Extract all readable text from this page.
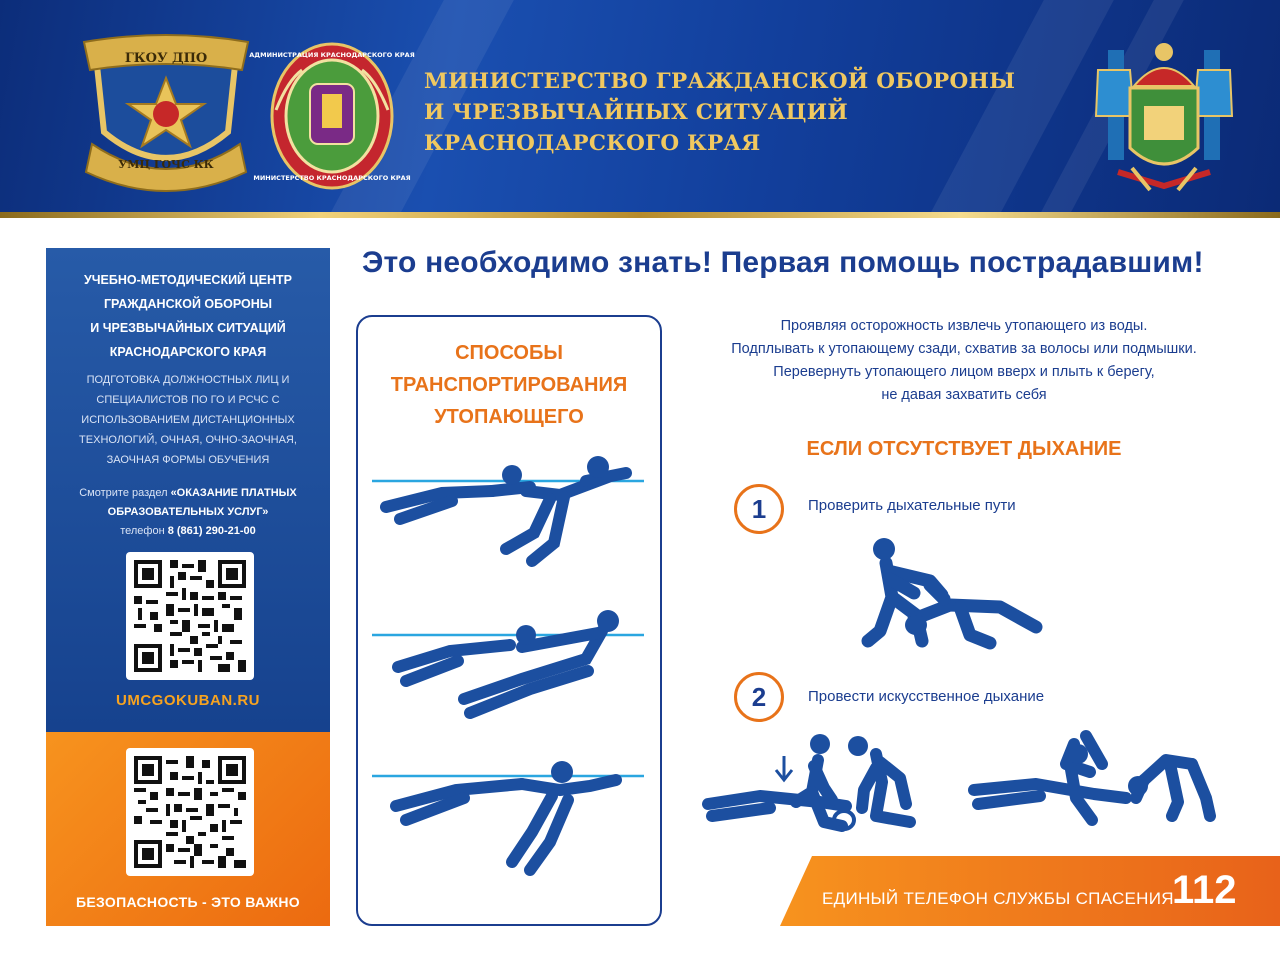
ГКОУ ДПО
УМЦ ГОЧС КК
АДМИНИСТРАЦИЯ КРАСНОДАРСКОГО КРАЯ
МИНИСТЕРСТВО КРАСНОДАРСКОГО КРАЯ
МИНИСТЕРСТВО ГРАЖДАНСКОЙ ОБОРОНЫ
И ЧРЕЗВЫЧАЙНЫХ СИТУАЦИЙ
КРАСНОДАРСКОГО КРАЯ
УЧЕБНО-МЕТОДИЧЕСКИЙ ЦЕНТР
ГРАЖДАНСКОЙ ОБОРОНЫ
И ЧРЕЗВЫЧАЙНЫХ СИТУАЦИЙ
КРАСНОДАРСКОГО КРАЯ
ПОДГОТОВКА ДОЛЖНОСТНЫХ ЛИЦ И
СПЕЦИАЛИСТОВ ПО ГО И РСЧС С
ИСПОЛЬЗОВАНИЕМ ДИСТАНЦИОННЫХ
ТЕХНОЛОГИЙ, ОЧНАЯ, ОЧНО-ЗАОЧНАЯ,
ЗАОЧНАЯ ФОРМЫ ОБУЧЕНИЯ
Смотрите раздел «ОКАЗАНИЕ ПЛАТНЫХ
ОБРАЗОВАТЕЛЬНЫХ УСЛУГ»
телефон 8 (861) 290-21-00
UMCGOKUBAN.RU
БЕЗОПАСНОСТЬ - ЭТО ВАЖНО
Это необходимо знать! Первая помощь пострадавшим!
СПОСОБЫ
ТРАНСПОРТИРОВАНИЯ
УТОПАЮЩЕГО
Проявляя осторожность извлечь утопающего из воды.
Подплывать к утопающему сзади, схватив за волосы или подмышки.
Перевернуть утопающего лицом вверх и плыть к берегу,
не давая захватить себя
ЕСЛИ ОТСУТСТВУЕТ ДЫХАНИЕ
1	Проверить дыхательные пути
2	Провести искусственное дыхание
ЕДИНЫЙ ТЕЛЕФОН СЛУЖБЫ СПАСЕНИЯ
112
